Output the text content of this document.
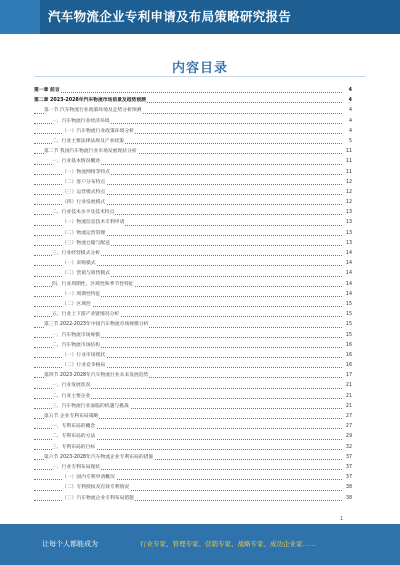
汽车物流企业专利申请及布局策略研究报告
内容目录
第一章 前言	4
第二章 2023-2028年汽车物流市场前景及趋势预测	4
第一节 汽车物流行业政策环境及走势分析预测	4
一、汽车物流行业经济环境	4
（一）汽车物流行业政策环境分析	4
二、行业主要法律法规及产业政策	5
第二节 我国汽车物流行业市场发展现状分析	11
一、行业基本情况概述	11
（一）物流网络等特点	11
（二）客户分布特点	12
（三）运营模式特点	12
（四）行业发展模式	12
二、行业技术水平及技术特点	13
（一）物流信息技术专利申请	13
（二）物流运营管理	13
（三）物流仓储与配送	13
三、行业经营模式分析	14
（一）采购模式	14
（二）营销与销售模式	14
四、行业周期性、区域性和季节性特征	14
（一）周期性特征	14
（二）区域性	15
五、行业上下游产业链情况分析	15
第三节 2022-2023年中国汽车物流市场规模分析	15
一、汽车物流市场规模	15
二、汽车物流市场结构	16
（一）行业市场现状	16
（二）行业竞争格局	16
第四节 2023-2028年汽车物流行业未来发展趋势	17
一、行业发展状况	21
二、行业主要企业	21
三、汽车物流行业面临的机遇与挑战	21
第五节 企业专利布局策略	27
一、专利布局的概念	27
二、专利布局的方法	29
三、专利布局的目标	32
第六节 2023-2028年汽车物流企业专利布局的措施	37
一、行业专利布局现状	37
（一）国内专利申请概况	37
（二）专利授权及有效专利情况	38
（三）汽车物流企业专利布局措施	38
1
让每个人都能成为	行业专家、管理专家、营销专家、战略专家、成功企业家……
